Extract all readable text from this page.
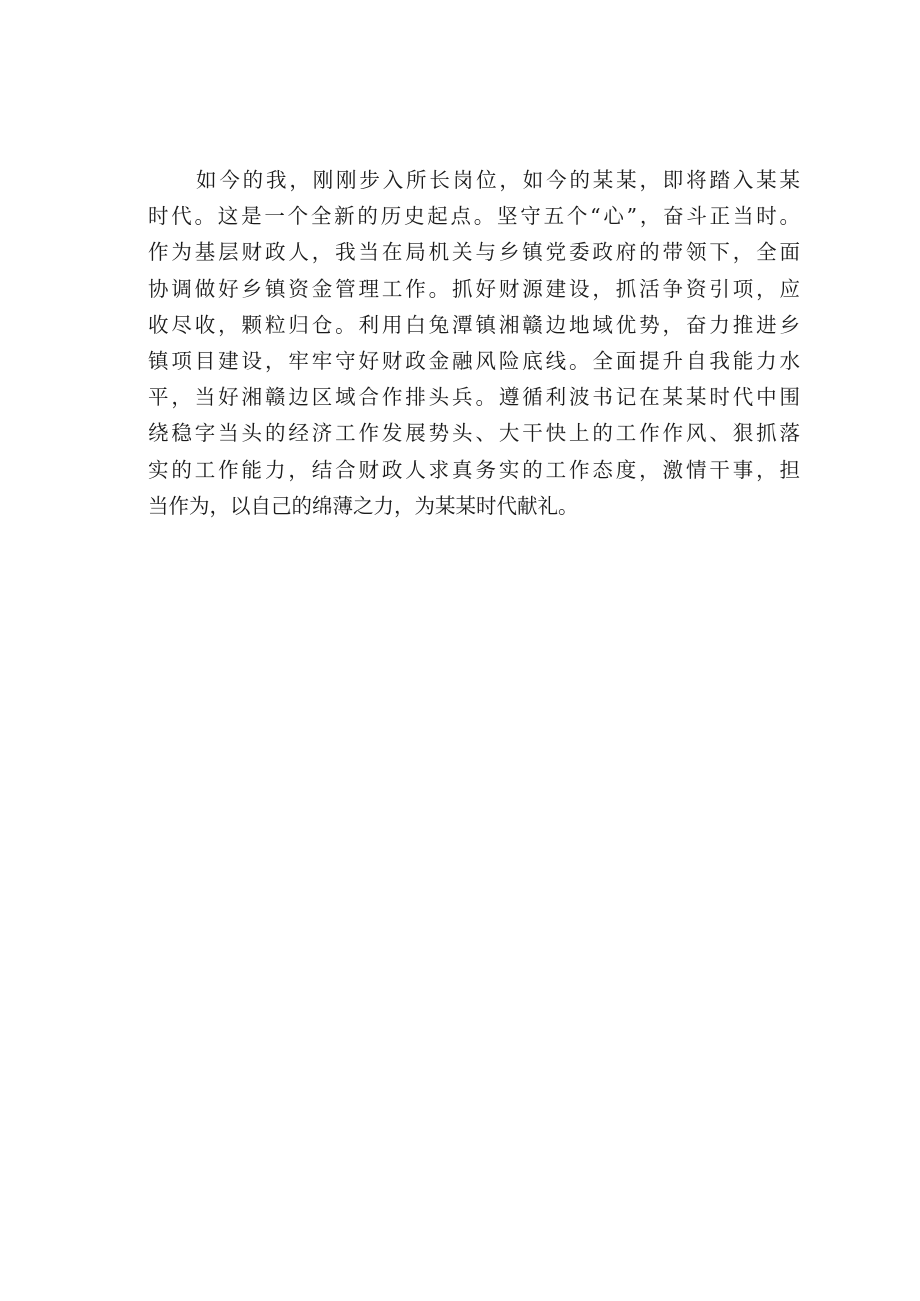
如今的我，刚刚步入所长岗位，如今的某某，即将踏入某某
时代。这是一个全新的历史起点。坚守五个“心”，奋斗正当时。
作为基层财政人，我当在局机关与乡镇党委政府的带领下，全面
协调做好乡镇资金管理工作。抓好财源建设，抓活争资引项，应
收尽收，颗粒归仓。利用白兔潭镇湘赣边地域优势，奋力推进乡
镇项目建设，牢牢守好财政金融风险底线。全面提升自我能力水
平，当好湘赣边区域合作排头兵。遵循利波书记在某某时代中围
绕稳字当头的经济工作发展势头、大干快上的工作作风、狠抓落
实的工作能力，结合财政人求真务实的工作态度，激情干事，担
当作为，以自己的绵薄之力，为某某时代献礼。
